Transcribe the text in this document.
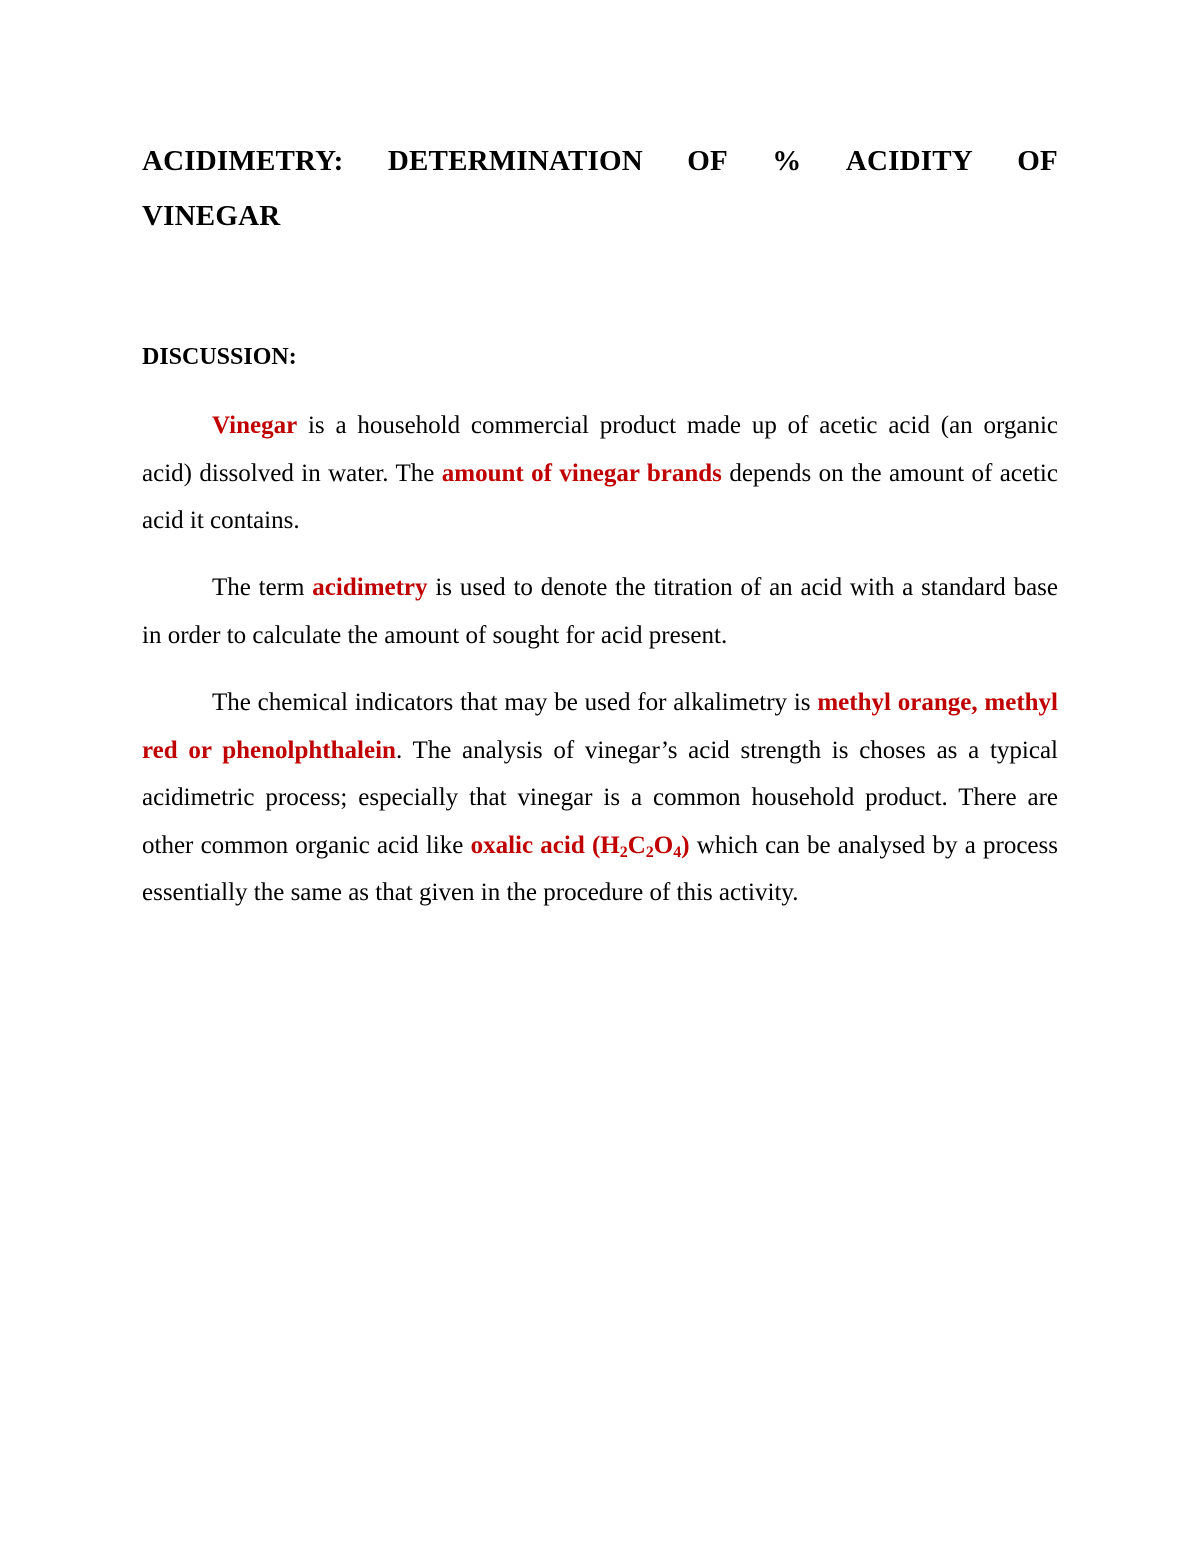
ACIDIMETRY: DETERMINATION OF % ACIDITY OF
VINEGAR
DISCUSSION:

Vinegar is a household commercial product made up of acetic acid (an organic acid) dissolved in water. The amount of vinegar brands depends on the amount of acetic acid it contains.

The term acidimetry is used to denote the titration of an acid with a standard base in order to calculate the amount of sought for acid present.

The chemical indicators that may be used for alkalimetry is methyl orange, methyl red or phenolphthalein. The analysis of vinegar’s acid strength is choses as a typical acidimetric process; especially that vinegar is a common household product. There are other common organic acid like oxalic acid $(H_2C_2O_4)$ which can be analysed by a process essentially the same as that given in the procedure of this activity.
